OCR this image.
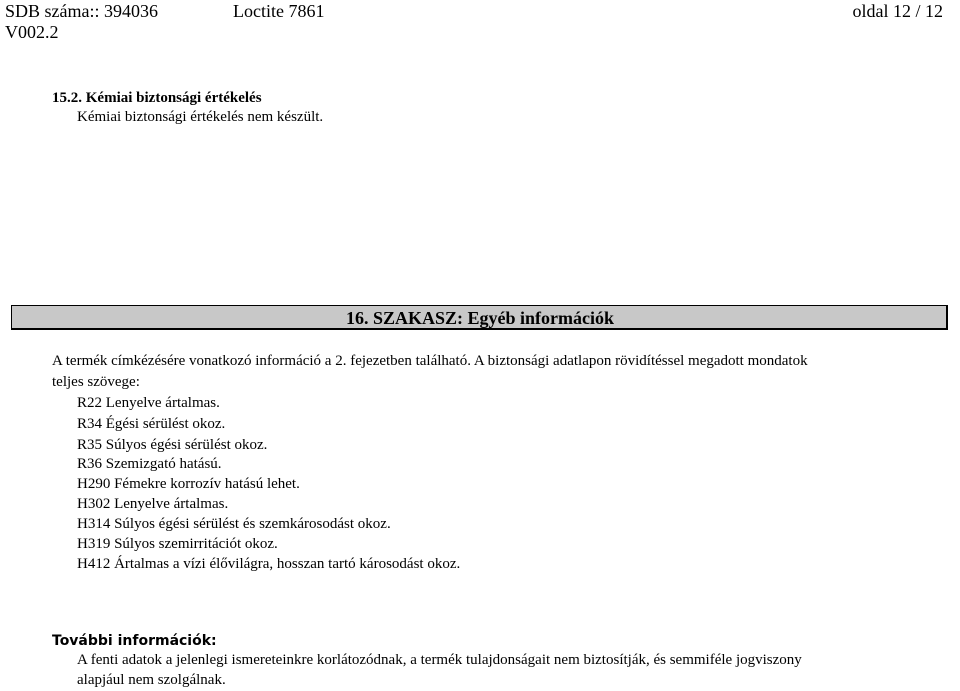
SDB száma:: 394036	Loctite 7861	oldal 12 / 12
V002.2
15.2. Kémiai biztonsági értékelés
Kémiai biztonsági értékelés nem készült.
16. SZAKASZ: Egyéb információk
A termék címkézésére vonatkozó információ a 2. fejezetben található. A biztonsági adatlapon rövidítéssel megadott mondatok
teljes szövege:
R22 Lenyelve ártalmas.
R34 Égési sérülést okoz.
R35 Súlyos égési sérülést okoz.
R36 Szemizgató hatású.
H290 Fémekre korrozív hatású lehet.
H302 Lenyelve ártalmas.
H314 Súlyos égési sérülést és szemkárosodást okoz.
H319 Súlyos szemirritációt okoz.
H412 Ártalmas a vízi élővilágra, hosszan tartó károsodást okoz.
További információk:
A fenti adatok a jelenlegi ismereteinkre korlátozódnak, a termék tulajdonságait nem biztosítják, és semmiféle jogviszony
alapjául nem szolgálnak.
